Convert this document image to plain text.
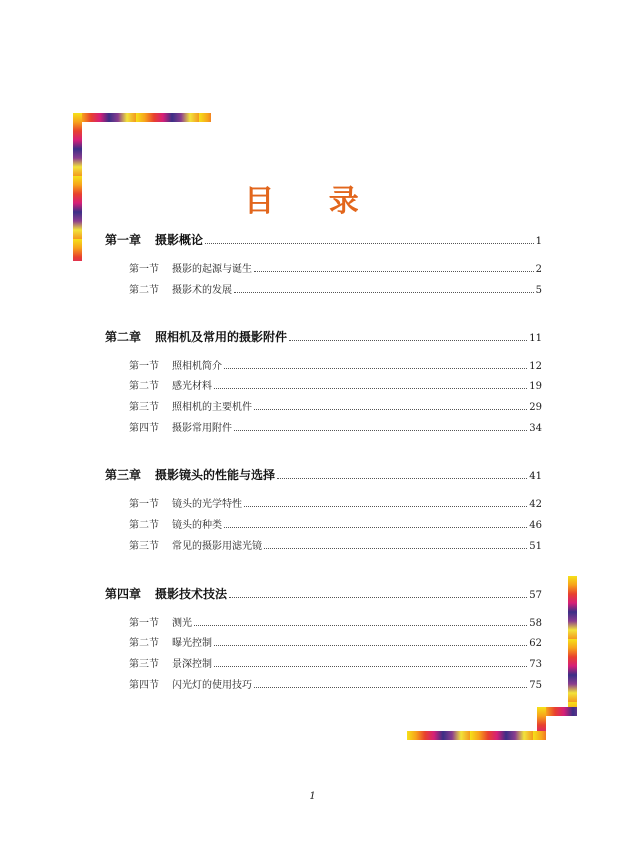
目 录
第一章	摄影概论	1
第一节	摄影的起源与诞生	2
第二节	摄影术的发展	5
第二章	照相机及常用的摄影附件	11
第一节	照相机简介	12
第二节	感光材料	19
第三节	照相机的主要机件	29
第四节	摄影常用附件	34
第三章	摄影镜头的性能与选择	41
第一节	镜头的光学特性	42
第二节	镜头的种类	46
第三节	常见的摄影用滤光镜	51
第四章	摄影技术技法	57
第一节	测光	58
第二节	曝光控制	62
第三节	景深控制	73
第四节	闪光灯的使用技巧	75
1
